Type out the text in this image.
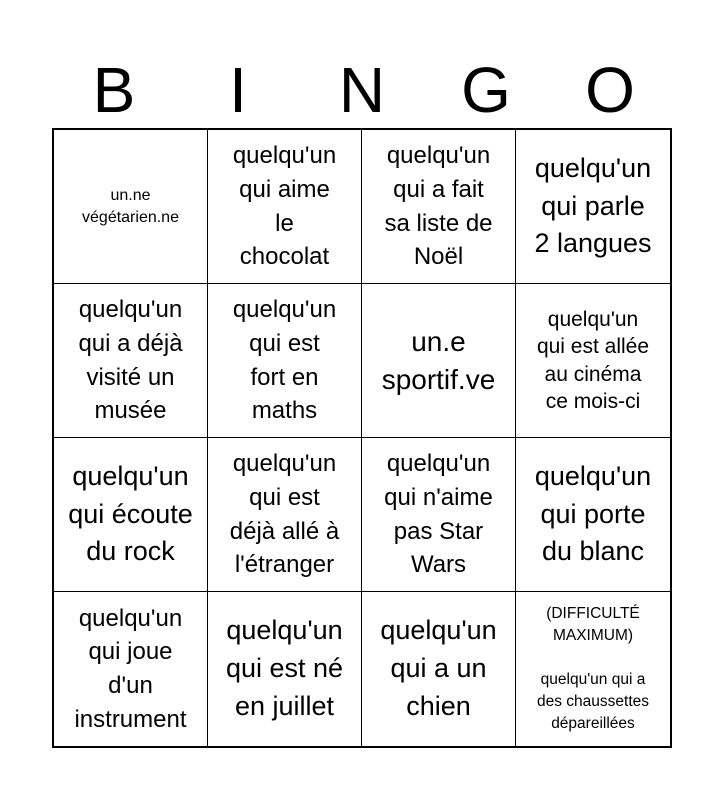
B	I	N	G	O
un.ne
végétarien.ne
quelqu'un
qui aime
le
chocolat
quelqu'un
qui a fait
sa liste de
Noël
quelqu'un
qui parle
2 langues
quelqu'un
qui a déjà
visité un
musée
quelqu'un
qui est
fort en
maths
un.e
sportif.ve
quelqu'un
qui est allée
au cinéma
ce mois-ci
quelqu'un
qui écoute
du rock
quelqu'un
qui est
déjà allé à
l'étranger
quelqu'un
qui n'aime
pas Star
Wars
quelqu'un
qui porte
du blanc
quelqu'un
qui joue
d'un
instrument
quelqu'un
qui est né
en juillet
quelqu'un
qui a un
chien
(DIFFICULTÉ
MAXIMUM)

quelqu'un qui a
des chaussettes
dépareillées
